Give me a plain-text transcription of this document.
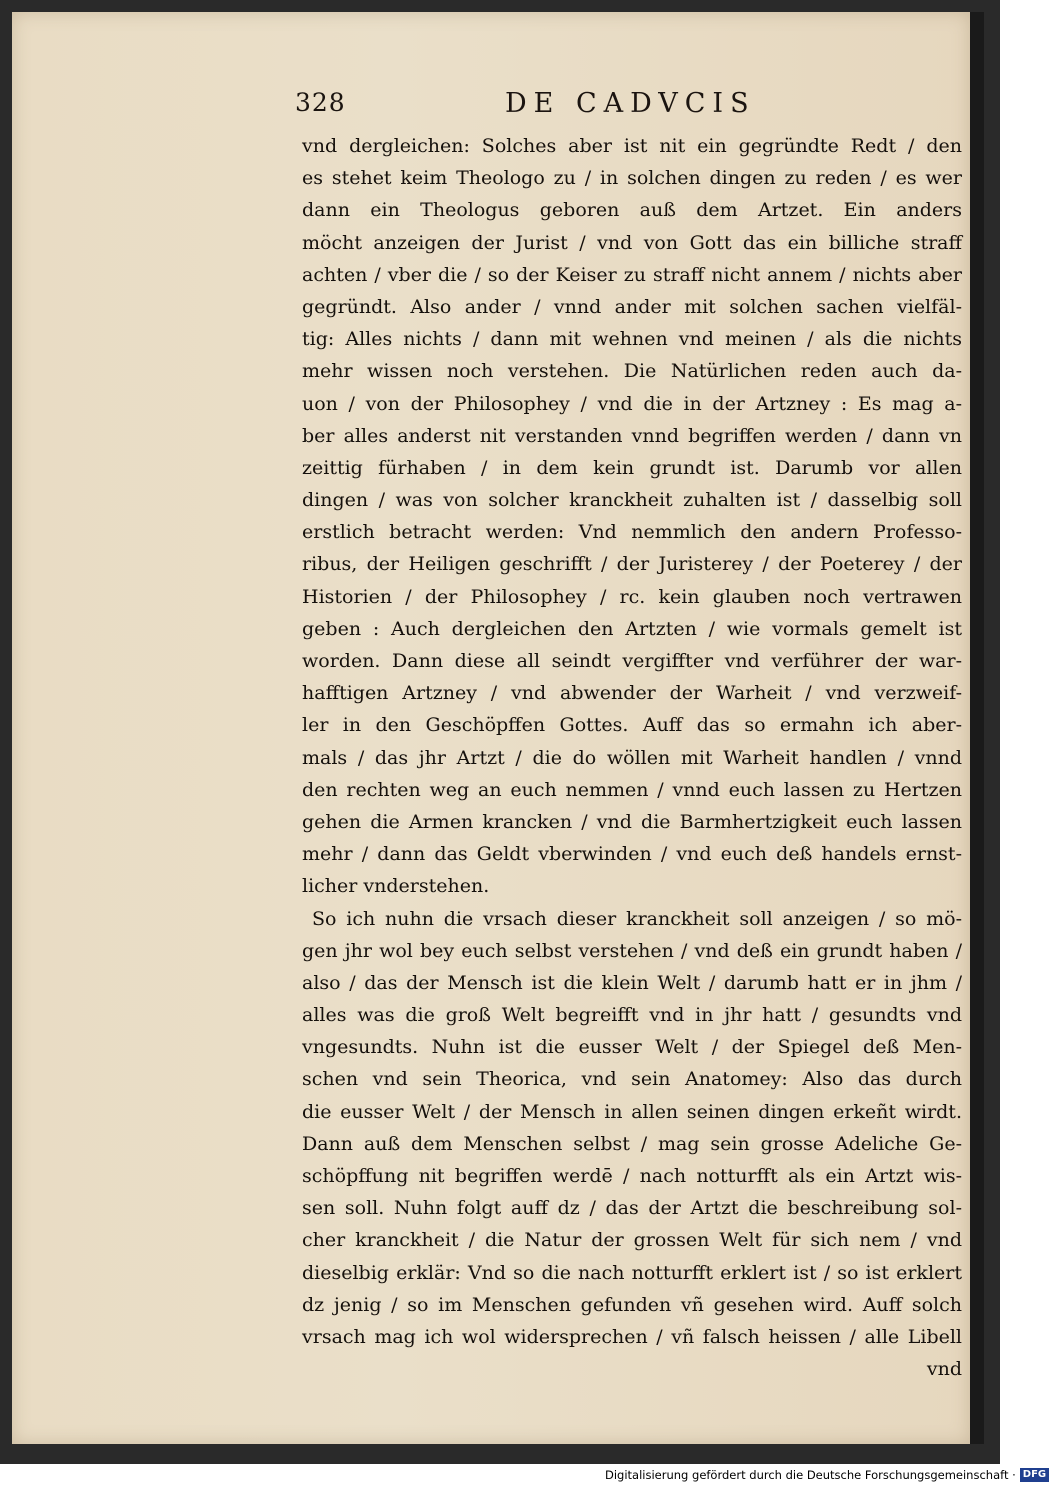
328	DE CADVCIS
vnd dergleichen: Solches aber ist nit ein gegründte Redt / den
es stehet keim Theologo zu / in solchen dingen zu reden / es wer
dann ein Theologus geboren auß dem Artzet. Ein anders
möcht anzeigen der Jurist / vnd von Gott das ein billiche straff
achten / vber die / so der Keiser zu straff nicht annem / nichts aber
gegründt. Also ander / vnnd ander mit solchen sachen vielfäl-
tig: Alles nichts / dann mit wehnen vnd meinen / als die nichts
mehr wissen noch verstehen. Die Natürlichen reden auch da-
uon / von der Philosophey / vnd die in der Artzney : Es mag a-
ber alles anderst nit verstanden vnnd begriffen werden / dann vn
zeittig fürhaben / in dem kein grundt ist. Darumb vor allen
dingen / was von solcher kranckheit zuhalten ist / dasselbig soll
erstlich betracht werden: Vnd nemmlich den andern Professo-
ribus, der Heiligen geschrifft / der Juristerey / der Poeterey / der
Historien / der Philosophey / rc. kein glauben noch vertrawen
geben : Auch dergleichen den Artzten / wie vormals gemelt ist
worden. Dann diese all seindt vergiffter vnd verführer der war-
hafftigen Artzney / vnd abwender der Warheit / vnd verzweif-
ler in den Geschöpffen Gottes. Auff das so ermahn ich aber-
mals / das jhr Artzt / die do wöllen mit Warheit handlen / vnnd
den rechten weg an euch nemmen / vnnd euch lassen zu Hertzen
gehen die Armen krancken / vnd die Barmhertzigkeit euch lassen
mehr / dann das Geldt vberwinden / vnd euch deß handels ernst-
licher vnderstehen.
So ich nuhn die vrsach dieser kranckheit soll anzeigen / so mö-
gen jhr wol bey euch selbst verstehen / vnd deß ein grundt haben /
also / das der Mensch ist die klein Welt / darumb hatt er in jhm /
alles was die groß Welt begreifft vnd in jhr hatt / gesundts vnd
vngesundts. Nuhn ist die eusser Welt / der Spiegel deß Men-
schen vnd sein Theorica, vnd sein Anatomey: Also das durch
die eusser Welt / der Mensch in allen seinen dingen erkeñt wirdt.
Dann auß dem Menschen selbst / mag sein grosse Adeliche Ge-
schöpffung nit begriffen werdē / nach notturfft als ein Artzt wis-
sen soll. Nuhn folgt auff dz / das der Artzt die beschreibung sol-
cher kranckheit / die Natur der grossen Welt für sich nem / vnd
dieselbig erklär: Vnd so die nach notturfft erklert ist / so ist erklert
dz jenig / so im Menschen gefunden vñ gesehen wird. Auff solch
vrsach mag ich wol widersprechen / vñ falsch heissen / alle Libell
vnd
Digitalisierung gefördert durch die Deutsche Forschungsgemeinschaft · DFG
